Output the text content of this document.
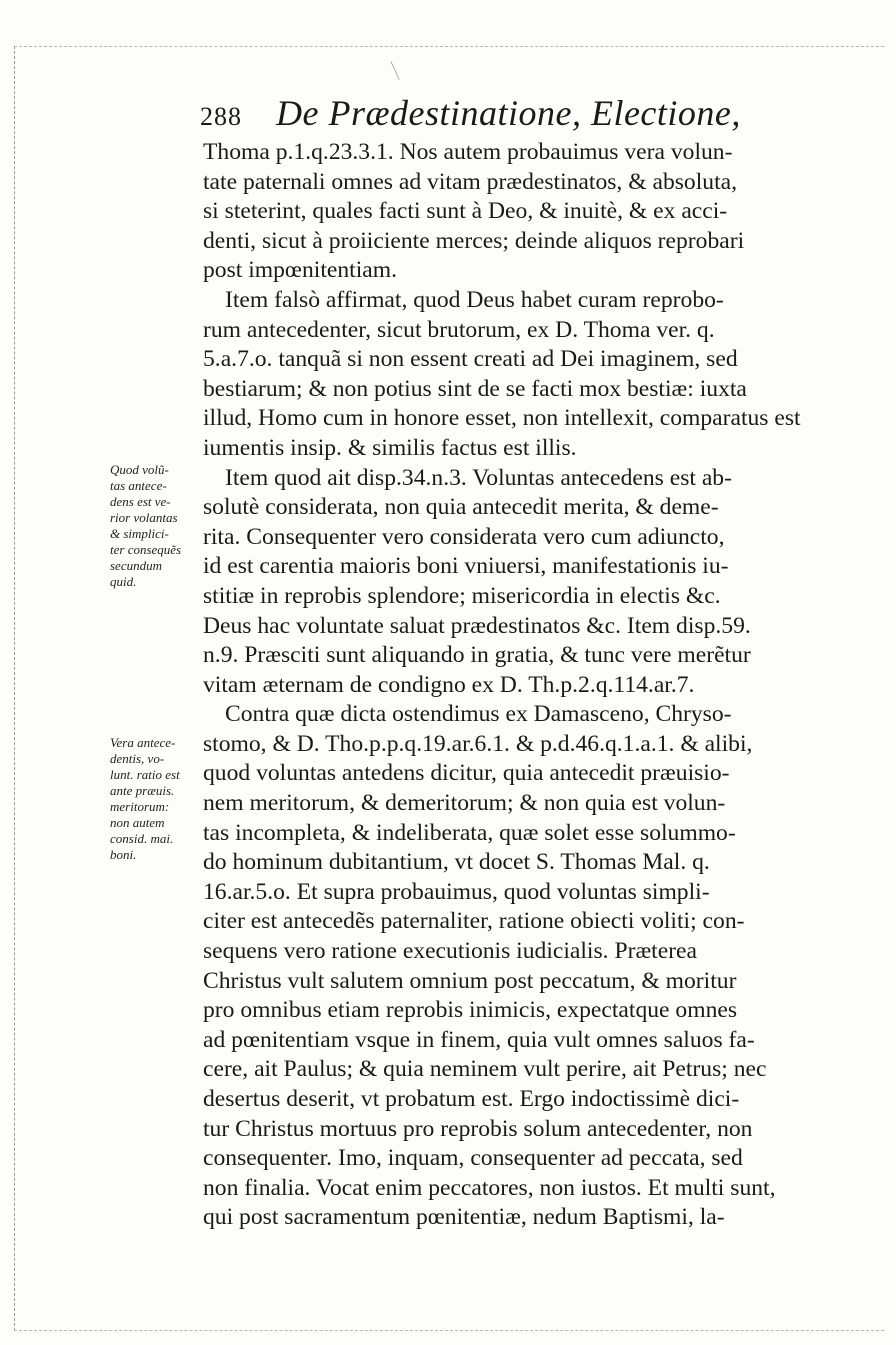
288 De Prædestinatione, Electione,
Thoma p.1.q.23.3.1. Nos autem probauimus vera volun-
tate paternali omnes ad vitam prædestinatos, & absoluta,
si steterint, quales facti sunt à Deo, & inuitè, & ex acci-
denti, sicut à proiiciente merces; deinde aliquos reprobari
post impœnitentiam.
Item falsò affirmat, quod Deus habet curam reprobo-
rum antecedenter, sicut brutorum, ex D. Thoma ver. q.
5.a.7.o. tanquã si non essent creati ad Dei imaginem, sed
bestiarum; & non potius sint de se facti mox bestiæ: iuxta
illud, Homo cum in honore esset, non intellexit, comparatus est
iumentis insip. & similis factus est illis.
Item quod ait disp.34.n.3. Voluntas antecedens est ab-
solutè considerata, non quia antecedit merita, & deme-
rita. Consequenter vero considerata vero cum adiuncto,
id est carentia maioris boni vniuersi, manifestationis iu-
stitiæ in reprobis splendore; misericordia in electis &c.
Deus hac voluntate saluat prædestinatos &c. Item disp.59.
n.9. Præsciti sunt aliquando in gratia, & tunc vere merẽtur
vitam æternam de condigno ex D. Th.p.2.q.114.ar.7.
Contra quæ dicta ostendimus ex Damasceno, Chryso-
stomo, & D. Tho.p.p.q.19.ar.6.1. & p.d.46.q.1.a.1. & alibi,
quod voluntas antedens dicitur, quia antecedit præuisio-
nem meritorum, & demeritorum; & non quia est volun-
tas incompleta, & indeliberata, quæ solet esse solummo-
do hominum dubitantium, vt docet S. Thomas Mal. q.
16.ar.5.o. Et supra probauimus, quod voluntas simpli-
citer est antecedẽs paternaliter, ratione obiecti voliti; con-
sequens vero ratione executionis iudicialis. Præterea
Christus vult salutem omnium post peccatum, & moritur
pro omnibus etiam reprobis inimicis, expectatque omnes
ad pœnitentiam vsque in finem, quia vult omnes saluos fa-
cere, ait Paulus; & quia neminem vult perire, ait Petrus; nec
desertus deserit, vt probatum est. Ergo indoctissimè dici-
tur Christus mortuus pro reprobis solum antecedenter, non
consequenter. Imo, inquam, consequenter ad peccata, sed
non finalia. Vocat enim peccatores, non iustos. Et multi sunt,
qui post sacramentum pœnitentiæ, nedum Baptismi, la-
Quod volũ-
tas antece-
dens est ve-
rior volantas
& simplici-
ter consequẽs
secundum
quid.
Vera antece-
dentis, vo-
lunt. ratio est
ante præuis.
meritorum:
non autem
consid. mai.
boni.
